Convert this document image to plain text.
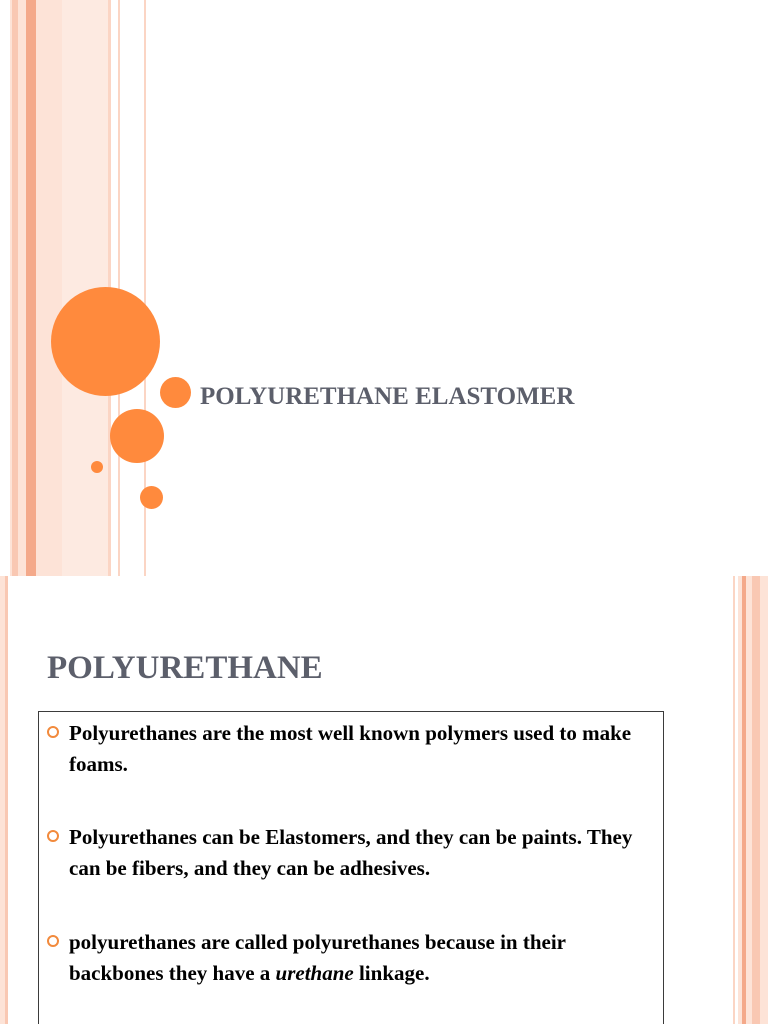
POLYURETHANE ELASTOMER
POLYURETHANE
Polyurethanes are the most well known polymers used to make foams.
Polyurethanes can be Elastomers, and they can be paints. They can be fibers, and they can be adhesives.
polyurethanes are called polyurethanes because in their backbones they have a urethane linkage.
